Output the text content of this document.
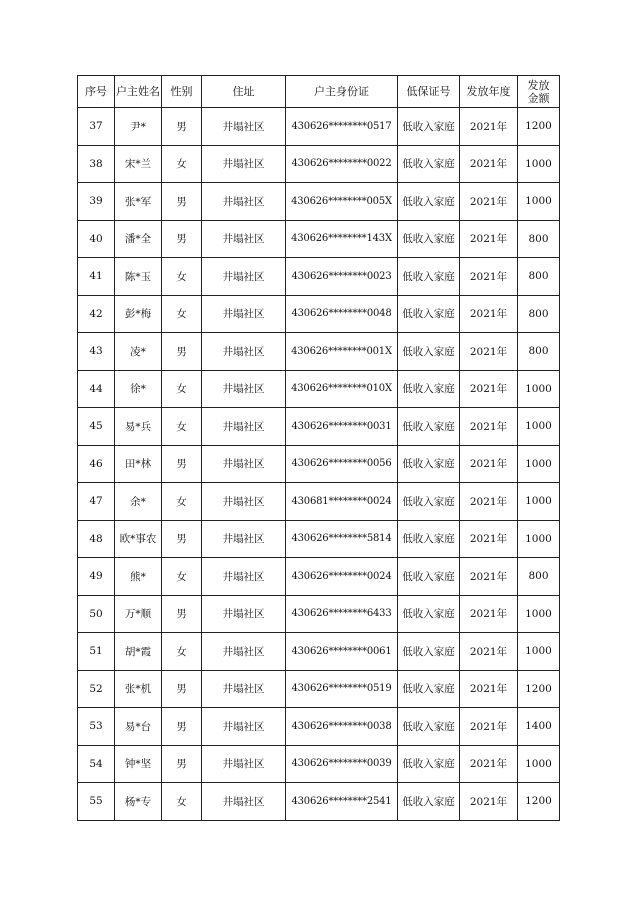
序号	户主姓名	性别	住址	户主身份证	低保证号	发放年度	发放
金额
37	尹*	男	井塌社区	430626********0517	低收入家庭	2021年	1200
38	宋*兰	女	井塌社区	430626********0022	低收入家庭	2021年	1000
39	张*军	男	井塌社区	430626********005X	低收入家庭	2021年	1000
40	潘*全	男	井塌社区	430626********143X	低收入家庭	2021年	800
41	陈*玉	女	井塌社区	430626********0023	低收入家庭	2021年	800
42	彭*梅	女	井塌社区	430626********0048	低收入家庭	2021年	800
43	凌*	男	井塌社区	430626********001X	低收入家庭	2021年	800
44	徐*	女	井塌社区	430626********010X	低收入家庭	2021年	1000
45	易*兵	女	井塌社区	430626********0031	低收入家庭	2021年	1000
46	田*林	男	井塌社区	430626********0056	低收入家庭	2021年	1000
47	余*	女	井塌社区	430681********0024	低收入家庭	2021年	1000
48	欧*事农	男	井塌社区	430626********5814	低收入家庭	2021年	1000
49	熊*	女	井塌社区	430626********0024	低收入家庭	2021年	800
50	万*顺	男	井塌社区	430626********6433	低收入家庭	2021年	1000
51	胡*霞	女	井塌社区	430626********0061	低收入家庭	2021年	1000
52	张*机	男	井塌社区	430626********0519	低收入家庭	2021年	1200
53	易*台	男	井塌社区	430626********0038	低收入家庭	2021年	1400
54	钟*坚	男	井塌社区	430626********0039	低收入家庭	2021年	1000
55	杨*专	女	井塌社区	430626********2541	低收入家庭	2021年	1200
